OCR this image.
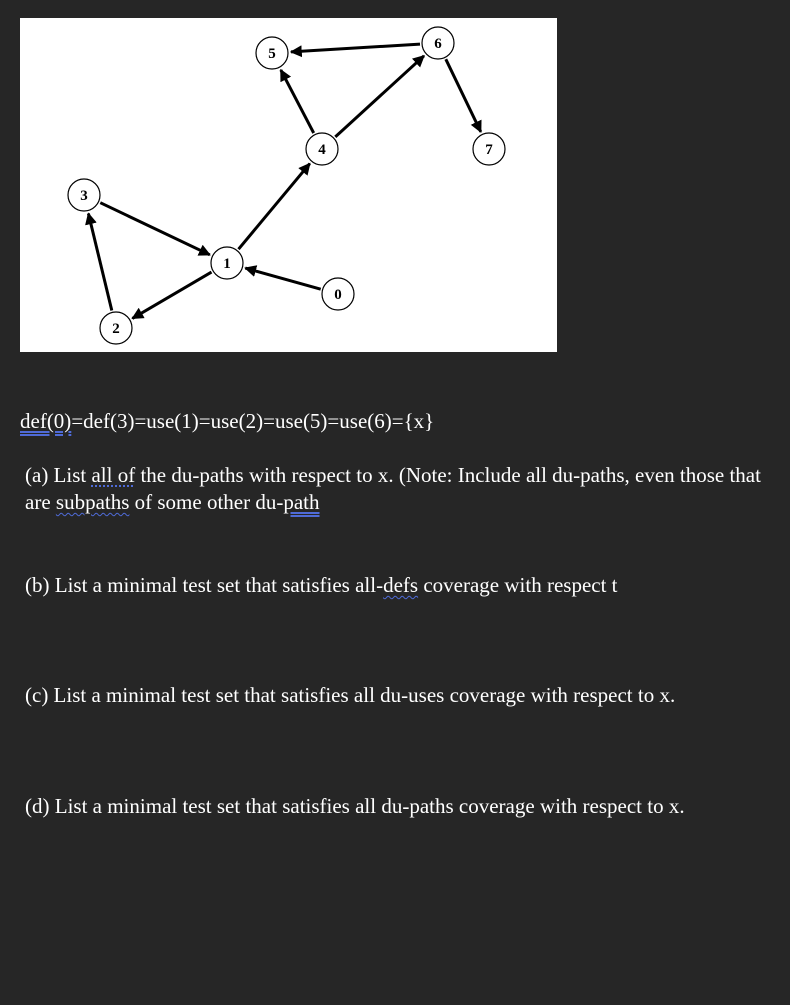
0
1
2
3
4
5
6
7
def(0)=def(3)=use(1)=use(2)=use(5)=use(6)={x}
(a) List all of the du-paths with respect to x. (Note: Include all du-paths, even those that are subpaths of some other du-path
(b) List a minimal test set that satisfies all-defs coverage with respect t
(c) List a minimal test set that satisfies all du-uses coverage with respect to x.
(d) List a minimal test set that satisfies all du-paths coverage with respect to x.
